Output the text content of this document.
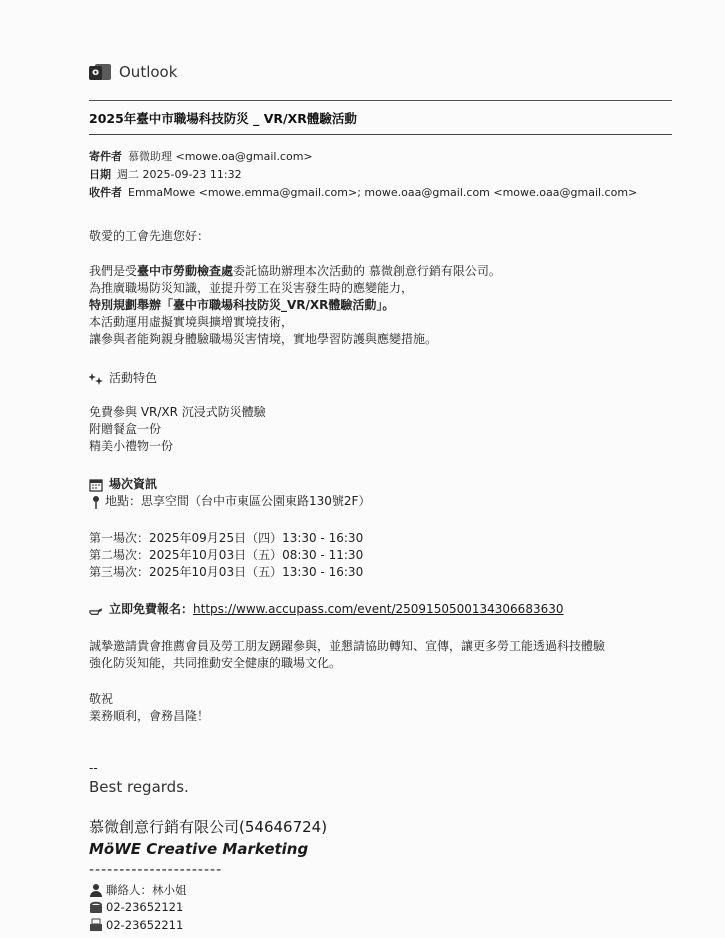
o Outlook
2025年臺中市職場科技防災 _ VR/XR體驗活動
寄件者 慕微助理 <mowe.oa@gmail.com>
日期 週二 2025-09-23 11:32
收件者 EmmaMowe <mowe.emma@gmail.com>; mowe.oaa@gmail.com <mowe.oaa@gmail.com>
敬愛的工會先進您好：
我們是受臺中市勞動檢查處委託協助辦理本次活動的 慕微創意行銷有限公司。
為推廣職場防災知識，並提升勞工在災害發生時的應變能力，
特別規劃舉辦「臺中市職場科技防災_VR/XR體驗活動」。
本活動運用虛擬實境與擴增實境技術，
讓參與者能夠親身體驗職場災害情境，實地學習防護與應變措施。
活動特色
免費參與 VR/XR 沉浸式防災體驗
附贈餐盒一份
精美小禮物一份
場次資訊
地點：思享空間（台中市東區公園東路130號2F）
第一場次：2025年09月25日（四）13:30 - 16:30
第二場次：2025年10月03日（五）08:30 - 11:30
第三場次：2025年10月03日（五）13:30 - 16:30
立即免費報名： https://www.accupass.com/event/2509150500134306683630
誠摯邀請貴會推薦會員及勞工朋友踴躍參與，並懇請協助轉知、宣傳，讓更多勞工能透過科技體驗
強化防災知能，共同推動安全健康的職場文化。
敬祝
業務順利，會務昌隆！
--
Best regards.
慕微創意行銷有限公司(54646724)
MöWE Creative Marketing
----------------------
聯絡人：林小姐
02-23652121
02-23652211
